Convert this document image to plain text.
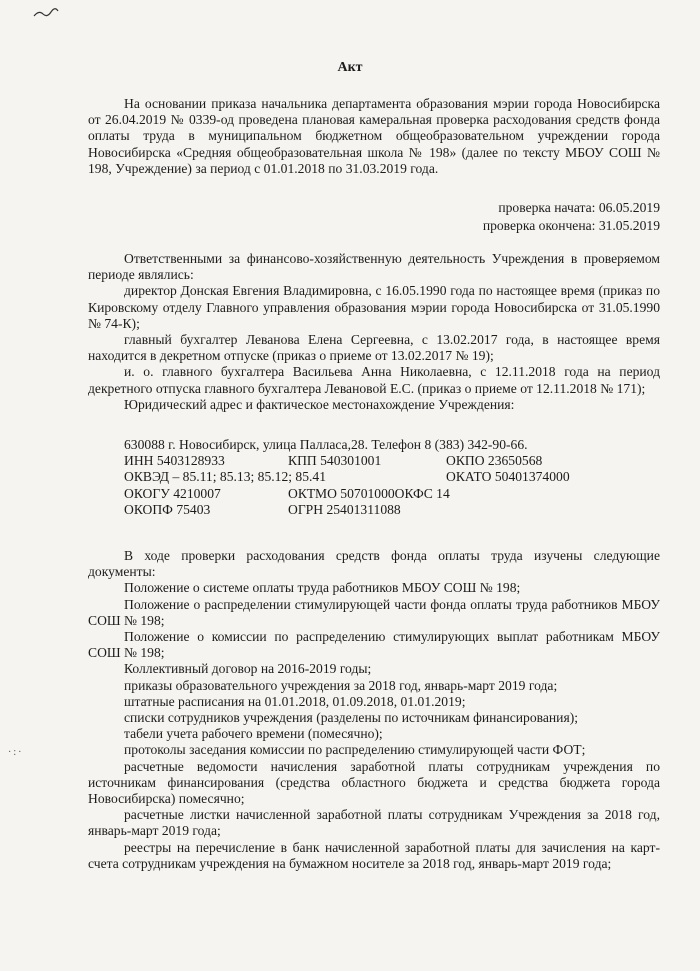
·:·
Акт

На основании приказа начальника департамента образования мэрии города Новосибирска от 26.04.2019 № 0339-од проведена плановая камеральная проверка расходования средств фонда оплаты труда в муниципальном бюджетном общеобразовательном учреждении города Новосибирска «Средняя общеобразовательная школа № 198» (далее по тексту МБОУ СОШ № 198, Учреждение) за период с 01.01.2018 по 31.03.2019 года.

проверка начата: 06.05.2019
проверка окончена: 31.05.2019

Ответственными за финансово-хозяйственную деятельность Учреждения в проверяемом периоде являлись:

директор Донская Евгения Владимировна, с 16.05.1990 года по настоящее время (приказ по Кировскому отделу Главного управления образования мэрии города Новосибирска от 31.05.1990 № 74-К);

главный бухгалтер Леванова Елена Сергеевна, с 13.02.2017 года, в настоящее время находится в декретном отпуске (приказ о приеме от 13.02.2017 № 19);

и. о. главного бухгалтера Васильева Анна Николаевна, с 12.11.2018 года на период декретного отпуска главного бухгалтера Левановой Е.С. (приказ о приеме от 12.11.2018 № 171);

Юридический адрес и фактическое местонахождение Учреждения:

630088 г. Новосибирск, улица Палласа,28. Телефон 8 (383) 342-90-66.

ИНН 5403128933	КПП 540301001	ОКПО 23650568
ОКВЭД – 85.11; 85.13; 85.12; 85.41	ОКАТО 50401374000
ОКОГУ 4210007	ОКТМО 50701000ОКФС 14
ОКОПФ 75403	ОГРН 25401311088

В ходе проверки расходования средств фонда оплаты труда изучены следующие документы:

Положение о системе оплаты труда работников МБОУ СОШ № 198;

Положение о распределении стимулирующей части фонда оплаты труда работников МБОУ СОШ № 198;

Положение о комиссии по распределению стимулирующих выплат работникам МБОУ СОШ № 198;

Коллективный договор на 2016-2019 годы;

приказы образовательного учреждения за 2018 год, январь-март 2019 года;

штатные расписания на 01.01.2018, 01.09.2018, 01.01.2019;

списки сотрудников учреждения (разделены по источникам финансирования);

табели учета рабочего времени (помесячно);

протоколы заседания комиссии по распределению стимулирующей части ФОТ;

расчетные ведомости начисления заработной платы сотрудникам учреждения по источникам финансирования (средства областного бюджета и средства бюджета города Новосибирска) помесячно;

расчетные листки начисленной заработной платы сотрудникам Учреждения за 2018 год, январь-март 2019 года;

реестры на перечисление в банк начисленной заработной платы для зачисления на карт-счета сотрудникам учреждения на бумажном носителе за 2018 год, январь-март 2019 года;
